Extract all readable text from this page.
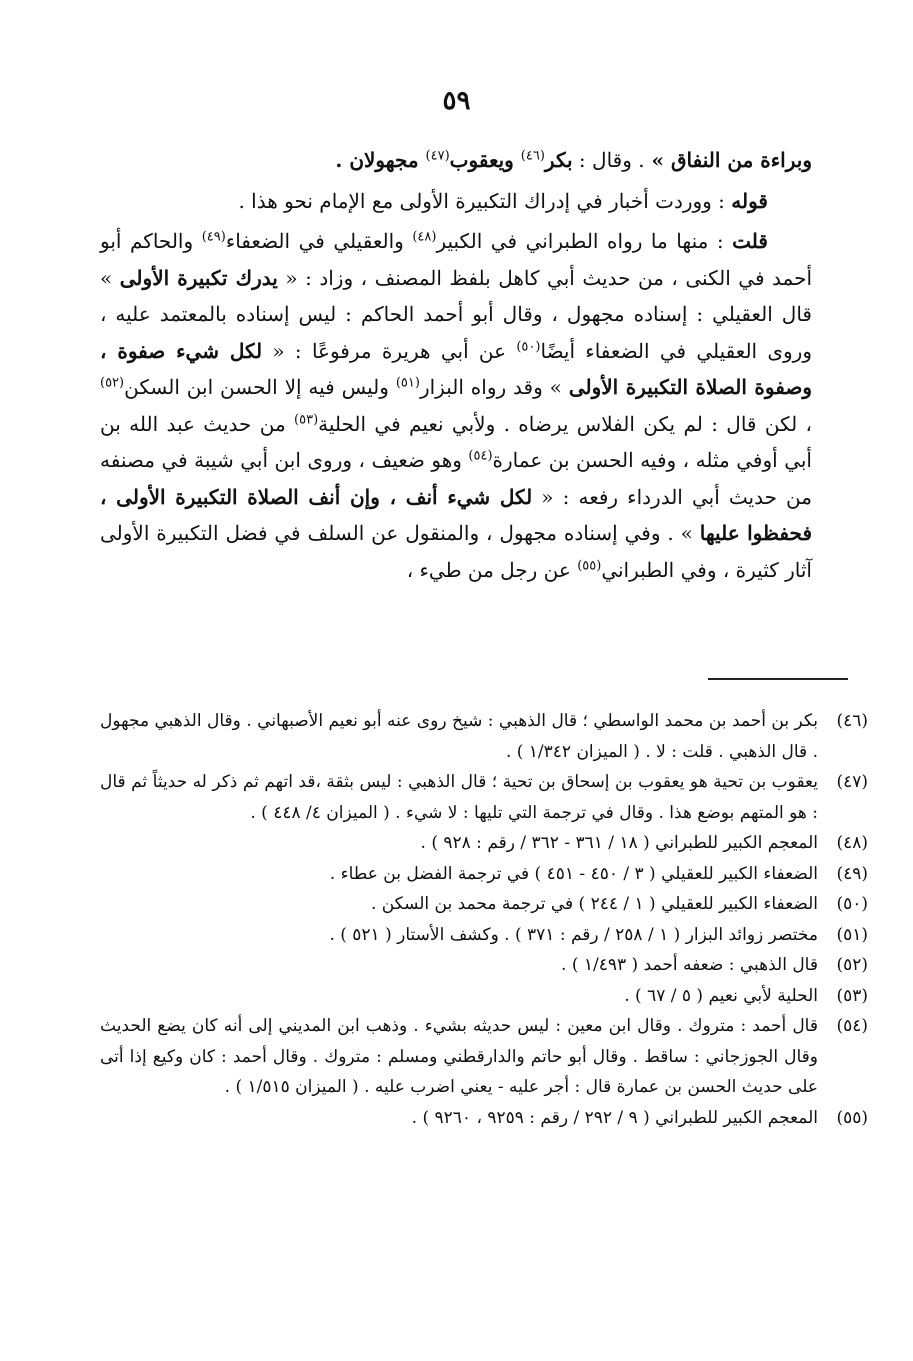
٥٩

وبراءة من النفاق » . وقال : بكر$^{(٤٦)}$ ويعقوب$^{(٤٧)}$ مجهولان .

قوله : ووردت أخبار في إدراك التكبيرة الأولى مع الإمام نحو هذا .

قلت : منها ما رواه الطبراني في الكبير$^{(٤٨)}$ والعقيلي في الضعفاء$^{(٤٩)}$ والحاكم أبو أحمد في الكنى ، من حديث أبي كاهل بلفظ المصنف ، وزاد : « يدرك تكبيرة الأولى » قال العقيلي : إسناده مجهول ، وقال أبو أحمد الحاكم : ليس إسناده بالمعتمد عليه ، وروى العقيلي في الضعفاء أيضًا$^{(٥٠)}$ عن أبي هريرة مرفوعًا : « لكل شيء صفوة ، وصفوة الصلاة التكبيرة الأولى » وقد رواه البزار$^{(٥١)}$ وليس فيه إلا الحسن ابن السكن$^{(٥٢)}$ ، لكن قال : لم يكن الفلاس يرضاه . ولأبي نعيم في الحلية$^{(٥٣)}$ من حديث عبد الله بن أبي أوفي مثله ، وفيه الحسن بن عمارة$^{(٥٤)}$ وهو ضعيف ، وروى ابن أبي شيبة في مصنفه من حديث أبي الدرداء رفعه : « لكل شيء أنف ، وإن أنف الصلاة التكبيرة الأولى ، فحفظوا عليها » . وفي إسناده مجهول ، والمنقول عن السلف في فضل التكبيرة الأولى آثار كثيرة ، وفي الطبراني$^{(٥٥)}$ عن رجل من طيء ،

(٤٦)
بكر بن أحمد بن محمد الواسطي ؛ قال الذهبي : شيخ روى عنه أبو نعيم الأصبهاني . وقال الذهبي مجهول . قال الذهبي . قلت : لا . ( الميزان ١/٣٤٢ ) .
(٤٧)
يعقوب بن تحية هو يعقوب بن إسحاق بن تحية ؛ قال الذهبي : ليس بثقة ،قد اتهم ثم ذكر له حديثاً ثم قال : هو المتهم بوضع هذا . وقال في ترجمة التي تليها : لا شيء . ( الميزان ٤/ ٤٤٨ ) .
(٤٨)
المعجم الكبير للطبراني ( ١٨ / ٣٦١ - ٣٦٢ / رقم : ٩٢٨ ) .
(٤٩)
الضعفاء الكبير للعقيلي ( ٣ / ٤٥٠ - ٤٥١ ) في ترجمة الفضل بن عطاء .
(٥٠)
الضعفاء الكبير للعقيلي ( ١ / ٢٤٤ ) في ترجمة محمد بن السكن .
(٥١)
مختصر زوائد البزار ( ١ / ٢٥٨ / رقم : ٣٧١ ) . وكشف الأستار ( ٥٢١ ) .
(٥٢)
قال الذهبي : ضعفه أحمد ( ١/٤٩٣ ) .
(٥٣)
الحلية لأبي نعيم ( ٥ / ٦٧ ) .
(٥٤)
قال أحمد : متروك . وقال ابن معين : ليس حديثه بشيء . وذهب ابن المديني إلى أنه كان يضع الحديث وقال الجوزجاني : ساقط . وقال أبو حاتم والدارقطني ومسلم : متروك . وقال أحمد : كان وكيع إذا أتى على حديث الحسن بن عمارة قال : أجر عليه - يعني اضرب عليه . ( الميزان ١/٥١٥ ) .
(٥٥)
المعجم الكبير للطبراني ( ٩ / ٢٩٢ / رقم : ٩٢٥٩ ، ٩٢٦٠ ) .
